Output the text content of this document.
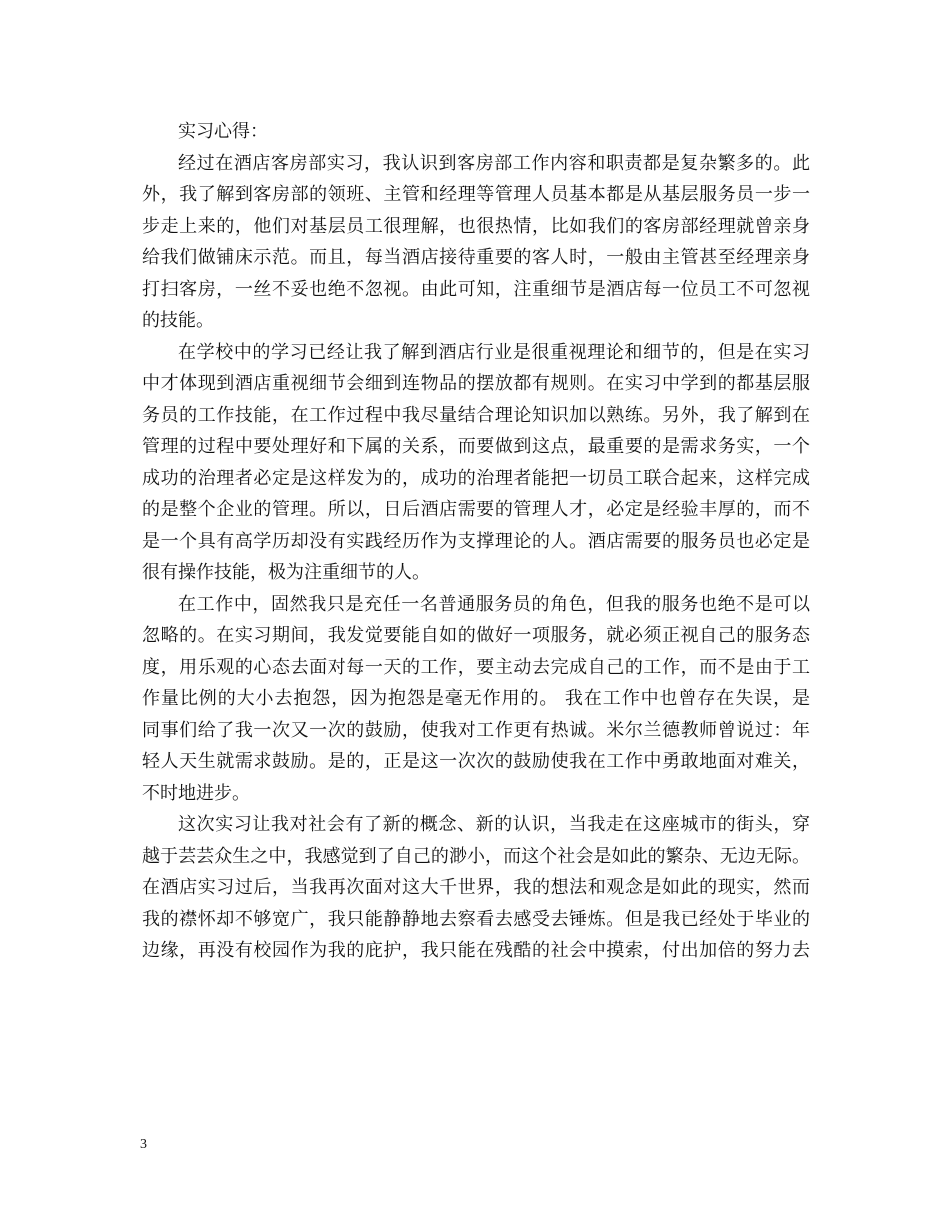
实习心得：
经过在酒店客房部实习，我认识到客房部工作内容和职责都是复杂繁多的。此
外，我了解到客房部的领班、主管和经理等管理人员基本都是从基层服务员一步一
步走上来的，他们对基层员工很理解，也很热情，比如我们的客房部经理就曾亲身
给我们做铺床示范。而且，每当酒店接待重要的客人时，一般由主管甚至经理亲身
打扫客房，一丝不妥也绝不忽视。由此可知，注重细节是酒店每一位员工不可忽视
的技能。
在学校中的学习已经让我了解到酒店行业是很重视理论和细节的，但是在实习
中才体现到酒店重视细节会细到连物品的摆放都有规则。在实习中学到的都基层服
务员的工作技能，在工作过程中我尽量结合理论知识加以熟练。另外，我了解到在
管理的过程中要处理好和下属的关系，而要做到这点，最重要的是需求务实，一个
成功的治理者必定是这样发为的，成功的治理者能把一切员工联合起来，这样完成
的是整个企业的管理。所以，日后酒店需要的管理人才，必定是经验丰厚的，而不
是一个具有高学历却没有实践经历作为支撑理论的人。酒店需要的服务员也必定是
很有操作技能，极为注重细节的人。
在工作中，固然我只是充任一名普通服务员的角色，但我的服务也绝不是可以
忽略的。在实习期间，我发觉要能自如的做好一项服务，就必须正视自己的服务态
度，用乐观的心态去面对每一天的工作，要主动去完成自己的工作，而不是由于工
作量比例的大小去抱怨，因为抱怨是毫无作用的。 我在工作中也曾存在失误，是
同事们给了我一次又一次的鼓励，使我对工作更有热诚。米尔兰德教师曾说过：年
轻人天生就需求鼓励。是的，正是这一次次的鼓励使我在工作中勇敢地面对难关，
不时地进步。
这次实习让我对社会有了新的概念、新的认识，当我走在这座城市的街头，穿
越于芸芸众生之中，我感觉到了自己的渺小，而这个社会是如此的繁杂、无边无际。
在酒店实习过后，当我再次面对这大千世界，我的想法和观念是如此的现实，然而
我的襟怀却不够宽广，我只能静静地去察看去感受去锤炼。但是我已经处于毕业的
边缘，再没有校园作为我的庇护，我只能在残酷的社会中摸索，付出加倍的努力去
3
